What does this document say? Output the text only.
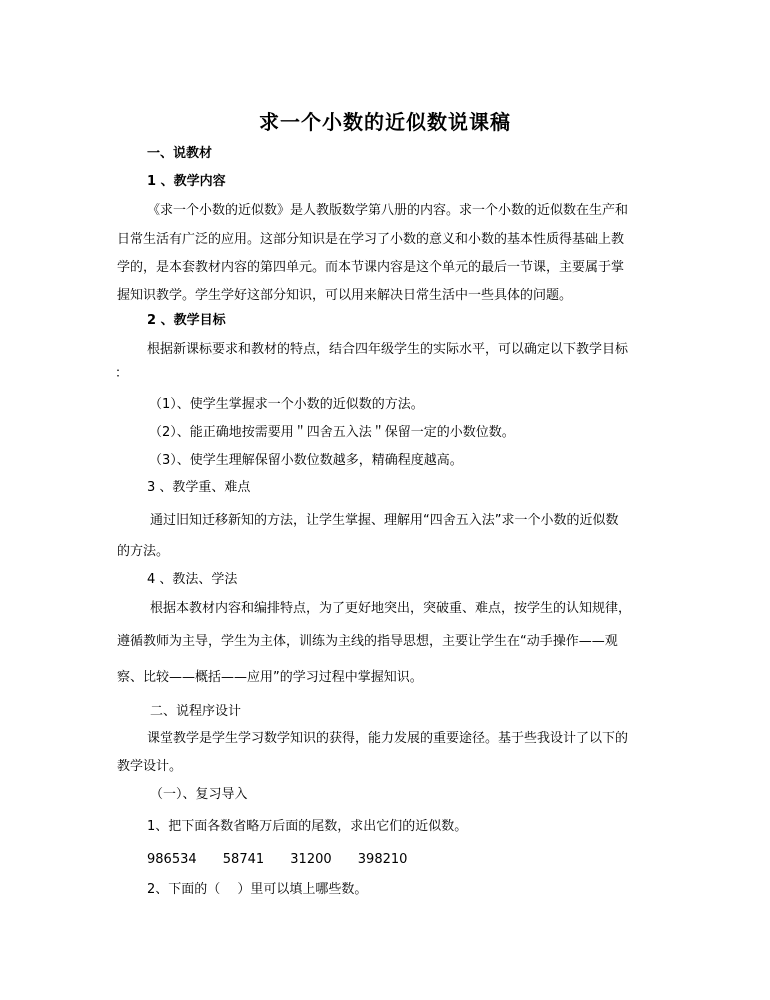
求一个小数的近似数说课稿
一、说教材
1 、教学内容
《求一个小数的近似数》是人教版数学第八册的内容。求一个小数的近似数在生产和
日常生活有广泛的应用。这部分知识是在学习了小数的意义和小数的基本性质得基础上教
学的，是本套教材内容的第四单元。而本节课内容是这个单元的最后一节课，主要属于掌
握知识教学。学生学好这部分知识，可以用来解决日常生活中一些具体的问题。
2 、教学目标
根据新课标要求和教材的特点，结合四年级学生的实际水平，可以确定以下教学目标
：
（1）、使学生掌握求一个小数的近似数的方法。
（2）、能正确地按需要用＂四舍五入法＂保留一定的小数位数。
（3）、使学生理解保留小数位数越多，精确程度越高。
3 、教学重、难点
通过旧知迁移新知的方法，让学生掌握、理解用“四舍五入法”求一个小数的近似数
的方法。
4 、教法、学法
根据本教材内容和编排特点，为了更好地突出，突破重、难点，按学生的认知规律，
遵循教师为主导，学生为主体，训练为主线的指导思想，主要让学生在“动手操作——观
察、比较——概括——应用”的学习过程中掌握知识。
二、说程序设计
课堂教学是学生学习数学知识的获得，能力发展的重要途径。基于些我设计了以下的
教学设计。
（一）、复习导入
1、把下面各数省略万后面的尾数，求出它们的近似数。
986534 58741 31200 398210
2、下面的（　 ）里可以填上哪些数。
